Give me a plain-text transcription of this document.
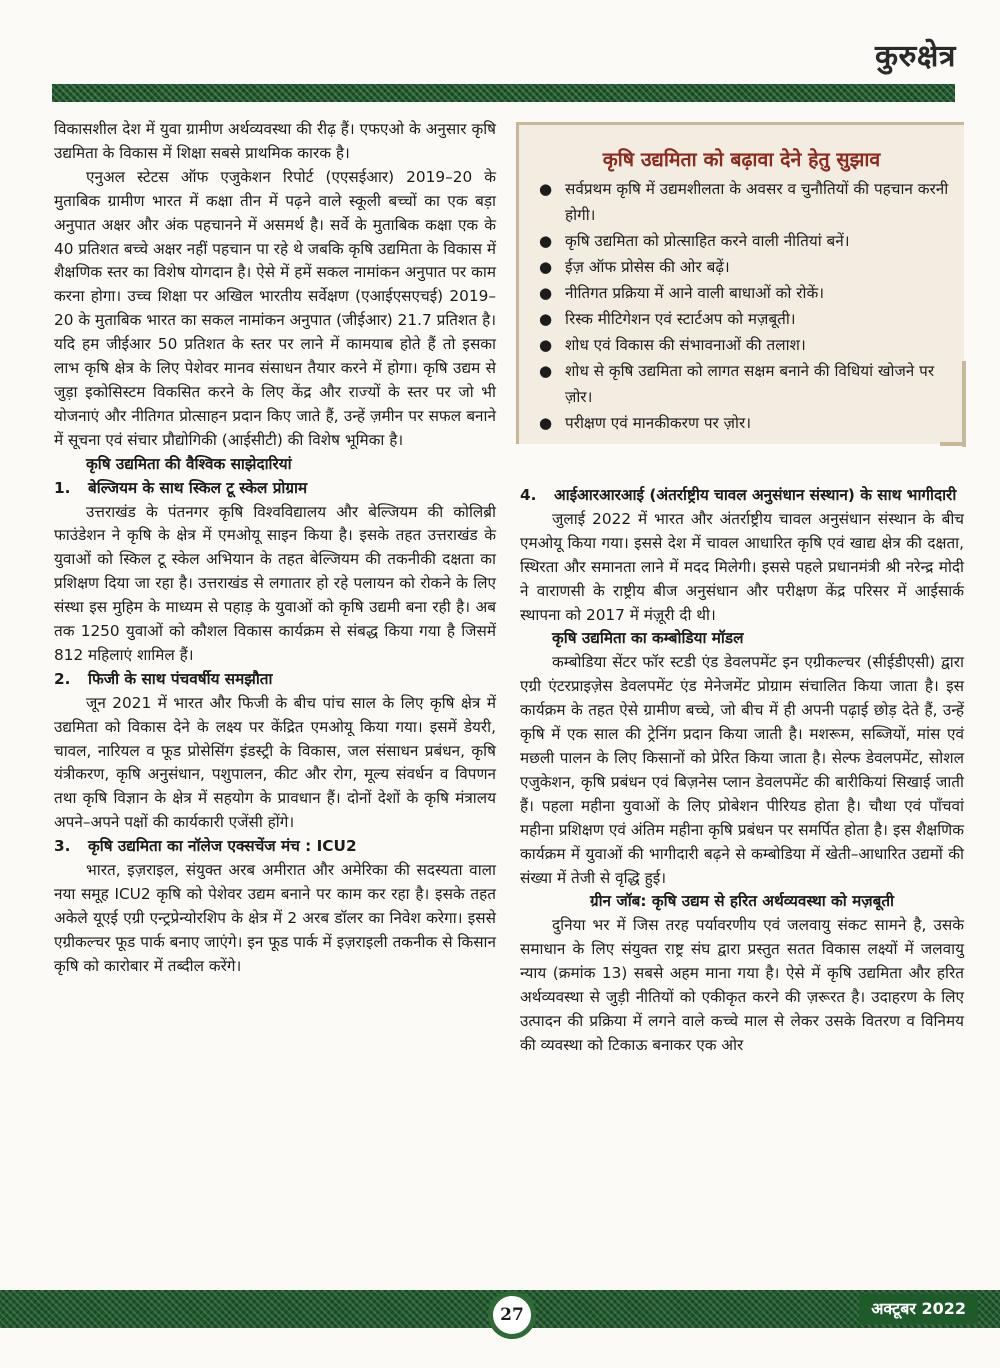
कुरुक्षेत्र

विकासशील देश में युवा ग्रामीण अर्थव्यवस्था की रीढ़ हैं। एफएओ के अनुसार कृषि उद्यमिता के विकास में शिक्षा सबसे प्राथमिक कारक है।

एनुअल स्टेटस ऑफ एजुकेशन रिपोर्ट (एएसईआर) 2019–20 के मुताबिक ग्रामीण भारत में कक्षा तीन में पढ़ने वाले स्कूली बच्चों का एक बड़ा अनुपात अक्षर और अंक पहचानने में असमर्थ है। सर्वे के मुताबिक कक्षा एक के 40 प्रतिशत बच्चे अक्षर नहीं पहचान पा रहे थे जबकि कृषि उद्यमिता के विकास में शैक्षणिक स्तर का विशेष योगदान है। ऐसे में हमें सकल नामांकन अनुपात पर काम करना होगा। उच्च शिक्षा पर अखिल भारतीय सर्वेक्षण (एआईएसएचई) 2019–20 के मुताबिक भारत का सकल नामांकन अनुपात (जीईआर) 21.7 प्रतिशत है। यदि हम जीईआर 50 प्रतिशत के स्तर पर लाने में कामयाब होते हैं तो इसका लाभ कृषि क्षेत्र के लिए पेशेवर मानव संसाधन तैयार करने में होगा। कृषि उद्यम से जुड़ा इकोसिस्टम विकसित करने के लिए केंद्र और राज्यों के स्तर पर जो भी योजनाएं और नीतिगत प्रोत्साहन प्रदान किए जाते हैं, उन्हें ज़मीन पर सफल बनाने में सूचना एवं संचार प्रौद्योगिकी (आईसीटी) की विशेष भूमिका है।

कृषि उद्यमिता की वैश्विक साझेदारियां

1.	बेल्जियम के साथ स्किल टू स्केल प्रोग्राम

उत्तराखंड के पंतनगर कृषि विश्वविद्यालय और बेल्जियम की कोलिब्री फाउंडेशन ने कृषि के क्षेत्र में एमओयू साइन किया है। इसके तहत उत्तराखंड के युवाओं को स्किल टू स्केल अभियान के तहत बेल्जियम की तकनीकी दक्षता का प्रशिक्षण दिया जा रहा है। उत्तराखंड से लगातार हो रहे पलायन को रोकने के लिए संस्था इस मुहिम के माध्यम से पहाड़ के युवाओं को कृषि उद्यमी बना रही है। अब तक 1250 युवाओं को कौशल विकास कार्यक्रम से संबद्ध किया गया है जिसमें 812 महिलाएं शामिल हैं।

2.	फिजी के साथ पंचवर्षीय समझौता

जून 2021 में भारत और फिजी के बीच पांच साल के लिए कृषि क्षेत्र में उद्यमिता को विकास देने के लक्ष्य पर केंद्रित एमओयू किया गया। इसमें डेयरी, चावल, नारियल व फूड प्रोसेसिंग इंडस्ट्री के विकास, जल संसाधन प्रबंधन, कृषि यंत्रीकरण, कृषि अनुसंधान, पशुपालन, कीट और रोग, मूल्य संवर्धन व विपणन तथा कृषि विज्ञान के क्षेत्र में सहयोग के प्रावधान हैं। दोनों देशों के कृषि मंत्रालय अपने–अपने पक्षों की कार्यकारी एजेंसी होंगे।

3.	कृषि उद्यमिता का नॉलेज एक्सचेंज मंच : ICU2

भारत, इज़राइल, संयुक्त अरब अमीरात और अमेरिका की सदस्यता वाला नया समूह ICU2 कृषि को पेशेवर उद्यम बनाने पर काम कर रहा है। इसके तहत अकेले यूएई एग्री एन्ट्रप्रेन्योरशिप के क्षेत्र में 2 अरब डॉलर का निवेश करेगा। इससे एग्रीकल्चर फूड पार्क बनाए जाएंगे। इन फूड पार्क में इज़राइली तकनीक से किसान कृषि को कारोबार में तब्दील करेंगे।

कृषि उद्यमिता को बढ़ावा देने हेतु सुझाव
● सर्वप्रथम कृषि में उद्यमशीलता के अवसर व चुनौतियों की पहचान करनी होगी।
● कृषि उद्यमिता को प्रोत्साहित करने वाली नीतियां बनें।
● ईज़ ऑफ प्रोसेस की ओर बढ़ें।
● नीतिगत प्रक्रिया में आने वाली बाधाओं को रोकें।
● रिस्क मीटिगेशन एवं स्टार्टअप को मज़बूती।
● शोध एवं विकास की संभावनाओं की तलाश।
● शोध से कृषि उद्यमिता को लागत सक्षम बनाने की विधियां खोजने पर ज़ोर।
● परीक्षण एवं मानकीकरण पर ज़ोर।
4.	आईआरआरआई (अंतर्राष्ट्रीय चावल अनुसंधान संस्थान) के साथ भागीदारी

जुलाई 2022 में भारत और अंतर्राष्ट्रीय चावल अनुसंधान संस्थान के बीच एमओयू किया गया। इससे देश में चावल आधारित कृषि एवं खाद्य क्षेत्र की दक्षता, स्थिरता और समानता लाने में मदद मिलेगी। इससे पहले प्रधानमंत्री श्री नरेन्द्र मोदी ने वाराणसी के राष्ट्रीय बीज अनुसंधान और परीक्षण केंद्र परिसर में आईसार्क स्थापना को 2017 में मंज़ूरी दी थी।

कृषि उद्यमिता का कम्बोडिया मॉडल

कम्बोडिया सेंटर फॉर स्टडी एंड डेवलपमेंट इन एग्रीकल्चर (सीईडीएसी) द्वारा एग्री एंटरप्राइज़ेस डेवलपमेंट एंड मेनेजमेंट प्रोग्राम संचालित किया जाता है। इस कार्यक्रम के तहत ऐसे ग्रामीण बच्चे, जो बीच में ही अपनी पढ़ाई छोड़ देते हैं, उन्हें कृषि में एक साल की ट्रेनिंग प्रदान किया जाती है। मशरूम, सब्जियों, मांस एवं मछली पालन के लिए किसानों को प्रेरित किया जाता है। सेल्फ डेवलपमेंट, सोशल एजुकेशन, कृषि प्रबंधन एवं बिज़नेस प्लान डेवलपमेंट की बारीकियां सिखाई जाती हैं। पहला महीना युवाओं के लिए प्रोबेशन पीरियड होता है। चौथा एवं पाँचवां महीना प्रशिक्षण एवं अंतिम महीना कृषि प्रबंधन पर समर्पित होता है। इस शैक्षणिक कार्यक्रम में युवाओं की भागीदारी बढ़ने से कम्बोडिया में खेती–आधारित उद्यमों की संख्या में तेजी से वृद्धि हुई।

ग्रीन जॉब: कृषि उद्यम से हरित अर्थव्यवस्था को मज़बूती

दुनिया भर में जिस तरह पर्यावरणीय एवं जलवायु संकट सामने है, उसके समाधान के लिए संयुक्त राष्ट्र संघ द्वारा प्रस्तुत सतत विकास लक्ष्यों में जलवायु न्याय (क्रमांक 13) सबसे अहम माना गया है। ऐसे में कृषि उद्यमिता और हरित अर्थव्यवस्था से जुड़ी नीतियों को एकीकृत करने की ज़रूरत है। उदाहरण के लिए उत्पादन की प्रक्रिया में लगने वाले कच्चे माल से लेकर उसके वितरण व विनिमय की व्यवस्था को टिकाऊ बनाकर एक ओर

अक्टूबर 2022
27
